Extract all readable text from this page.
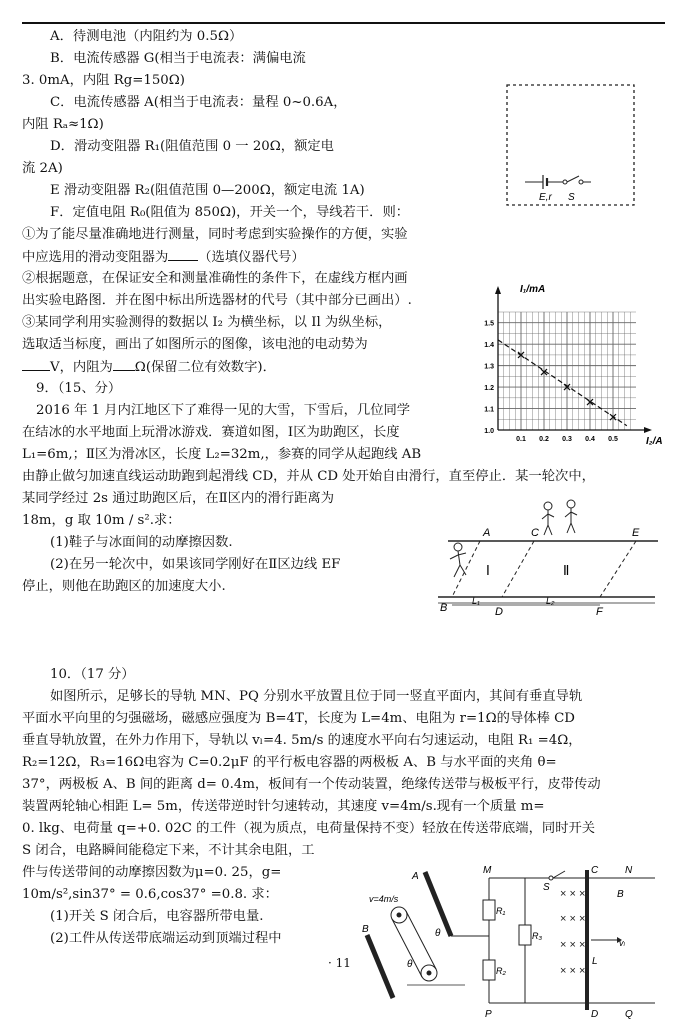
A．待测电池（内阻约为 0.5Ω）
B．电流传感器 G(相当于电流表：满偏电流
3. 0mA，内阻 Rg=150Ω)
C．电流传感器 A(相当于电流表：量程 0~0.6A，
内阻 Rₐ≈1Ω)
D．滑动变阻器 R₁(阻值范围 0 一 20Ω，额定电
流 2A)
E 滑动变阻器 R₂(阻值范围 0—200Ω，额定电流 1A)
F．定值电阻 R₀(阻值为 850Ω)，开关一个，导线若干．则：
①为了能尽量准确地进行测量，同时考虑到实验操作的方便，实验
中应选用的滑动变阻器为 （选填仪器代号）
②根据题意，在保证安全和测量准确性的条件下，在虚线方框内画
出实验电路图．并在图中标出所选器材的代号（其中部分已画出）.
③某同学利用实验测得的数据以 I₂ 为横坐标，以 Il 为纵坐标，
选取适当标度，画出了如图所示的图像，该电池的电动势为
V，内阻为 Ω(保留二位有效数字)．
9．（15、分）
2016 年 1 月内江地区下了难得一见的大雪，下雪后，几位同学
在结冰的水平地面上玩滑冰游戏．赛道如图，Ⅰ区为助跑区，长度
L₁=6m,；Ⅱ区为滑冰区，长度 L₂=32m,，参赛的同学从起跑线 AB
由静止做匀加速直线运动助跑到起滑线 CD，并从 CD 处开始自由滑行，直至停止．某一轮次中，
某同学经过 2s 通过助跑区后，在Ⅱ区内的滑行距离为
18m，g 取 10m / s².求：
(1)鞋子与冰面间的动摩擦因数.
(2)在另一轮次中，如果该同学刚好在Ⅱ区边线 EF
停止，则他在助跑区的加速度大小.
10．（17 分）
如图所示，足够长的导轨 MN、PQ 分别水平放置且位于同一竖直平面内，其间有垂直导轨
平面水平向里的匀强磁场，磁感应强度为 B=4T，长度为 L=4m、电阻为 r=1Ω的导体棒 CD
垂直导轨放置，在外力作用下，导轨以 vₗ=4. 5m/s 的速度水平向右匀速运动，电阻 R₁ =4Ω，
R₂=12Ω，R₃=16Ω电容为 C=0.2μF 的平行板电容器的两极板 A、B 与水平面的夹角 θ=
37°，两极板 A、B 间的距离 d= 0.4m，板间有一个传动装置，绝缘传送带与极板平行，皮带传动
装置两轮轴心相距 L= 5m，传送带逆时针匀速转动，其速度 v=4m/s.现有一个质量 m=
0. lkg、电荷量 q=+0. 02C 的工件（视为质点，电荷量保持不变）轻放在传送带底端，同时开关
S 闭合，电路瞬间能稳定下来，不计其余电阻，工
件与传送带间的动摩擦因数为μ=0. 25，g=
10m/s²,sin37° = 0.6,cos37° =0.8. 求：
(1)开关 S 闭合后，电容器所带电量.
(2)工件从传送带底端运动到顶端过程中
· 11
E,r S
1.0
1.1
1.2
1.3
1.4
1.5
0.1 0.2 0.3 0.4 0.5
I₁/mA
I₂/A
A
B
C
D
E
F
Ⅰ	Ⅱ
L₁	L₂
B
A
v=4m/s
θ
θ
× × ×
× × ×
× × ×
× × ×
M	N
P	Q
C
D
S
R₁
R₂
R₃
B
L
vₗ
